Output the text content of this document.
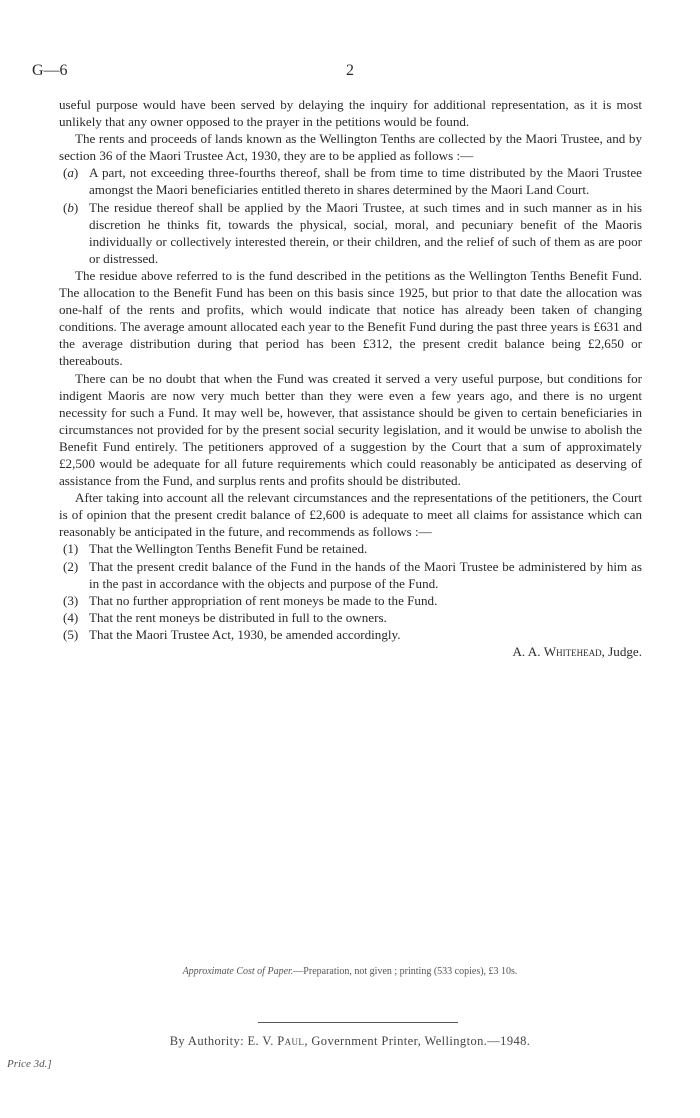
G—6	2

useful purpose would have been served by delaying the inquiry for additional representation, as it is most unlikely that any owner opposed to the prayer in the petitions would be found.

The rents and proceeds of lands known as the Wellington Tenths are collected by the Maori Trustee, and by section 36 of the Maori Trustee Act, 1930, they are to be applied as follows :—

(a) A part, not exceeding three-fourths thereof, shall be from time to time distributed by the Maori Trustee amongst the Maori beneficiaries entitled thereto in shares determined by the Maori Land Court.
(b) The residue thereof shall be applied by the Maori Trustee, at such times and in such manner as in his discretion he thinks fit, towards the physical, social, moral, and pecuniary benefit of the Maoris individually or collectively interested therein, or their children, and the relief of such of them as are poor or distressed.

The residue above referred to is the fund described in the petitions as the Wellington Tenths Benefit Fund. The allocation to the Benefit Fund has been on this basis since 1925, but prior to that date the allocation was one-half of the rents and profits, which would indicate that notice has already been taken of changing conditions. The average amount allocated each year to the Benefit Fund during the past three years is £631 and the average distribution during that period has been £312, the present credit balance being £2,650 or thereabouts.

There can be no doubt that when the Fund was created it served a very useful purpose, but conditions for indigent Maoris are now very much better than they were even a few years ago, and there is no urgent necessity for such a Fund. It may well be, however, that assistance should be given to certain beneficiaries in circumstances not provided for by the present social security legislation, and it would be unwise to abolish the Benefit Fund entirely. The petitioners approved of a suggestion by the Court that a sum of approximately £2,500 would be adequate for all future requirements which could reasonably be anticipated as deserving of assistance from the Fund, and surplus rents and profits should be distributed.

After taking into account all the relevant circumstances and the representations of the petitioners, the Court is of opinion that the present credit balance of £2,600 is adequate to meet all claims for assistance which can reasonably be anticipated in the future, and recommends as follows :—

(1) That the Wellington Tenths Benefit Fund be retained.
(2) That the present credit balance of the Fund in the hands of the Maori Trustee be administered by him as in the past in accordance with the objects and purpose of the Fund.
(3) That no further appropriation of rent moneys be made to the Fund.
(4) That the rent moneys be distributed in full to the owners.
(5) That the Maori Trustee Act, 1930, be amended accordingly.

A. A. Whitehead, Judge.

Approximate Cost of Paper.—Preparation, not given ; printing (533 copies), £3 10s.
By Authority: E. V. Paul, Government Printer, Wellington.—1948.
Price 3d.]
